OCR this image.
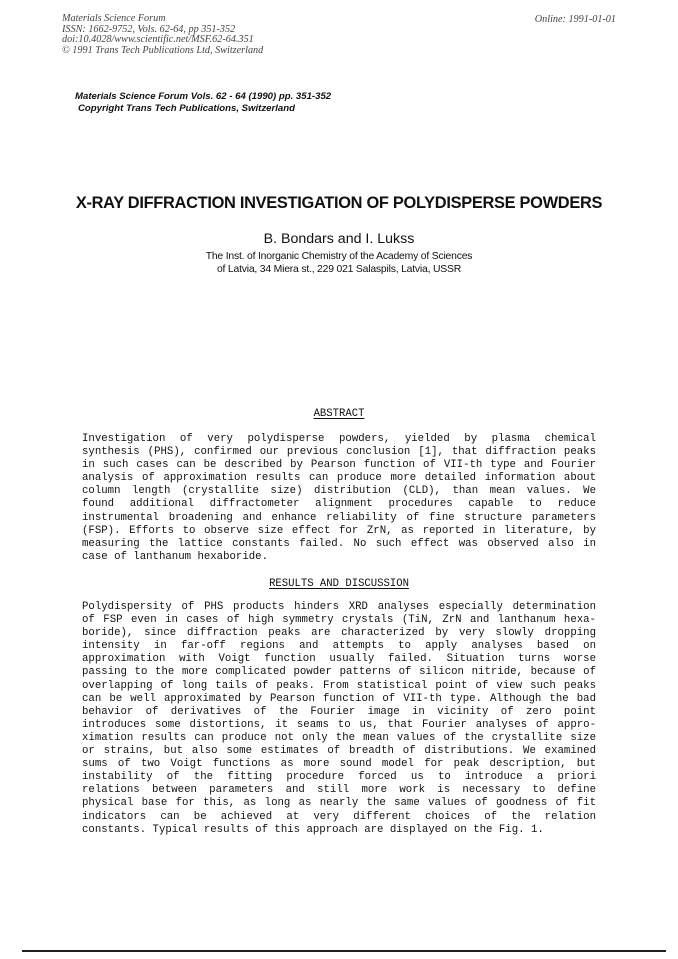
Materials Science Forum
ISSN: 1662-9752, Vols. 62-64, pp 351-352
doi:10.4028/www.scientific.net/MSF.62-64.351
© 1991 Trans Tech Publications Ltd, Switzerland
Online: 1991-01-01
Materials Science Forum Vols. 62 - 64 (1990) pp. 351-352
Copyright Trans Tech Publications, Switzerland
X-RAY DIFFRACTION INVESTIGATION OF POLYDISPERSE POWDERS
B. Bondars and I. Lukss
The Inst. of Inorganic Chemistry of the Academy of Sciences
of Latvia, 34 Miera st., 229 021 Salaspils, Latvia, USSR
ABSTRACT
Investigation of very polydisperse powders, yielded by plasma chemical
synthesis (PHS), confirmed our previous conclusion [1], that diffraction peaks
in such cases can be described by Pearson function of VII-th type and Fourier
analysis of approximation results can produce more detailed information about
column length (crystallite size) distribution (CLD), than mean values. We
found additional diffractometer alignment procedures capable to reduce
instrumental broadening and enhance reliability of fine structure parameters
(FSP). Efforts to observe size effect for ZrN, as reported in literature, by
measuring the lattice constants failed. No such effect was observed also in
case of lanthanum hexaboride.
RESULTS AND DISCUSSION
Polydispersity of PHS products hinders XRD analyses especially determination
of FSP even in cases of high symmetry crystals (TiN, ZrN and lanthanum hexa-
boride), since diffraction peaks are characterized by very slowly dropping
intensity in far-off regions and attempts to apply analyses based on
approximation with Voigt function usually failed. Situation turns worse
passing to the more complicated powder patterns of silicon nitride, because of
overlapping of long tails of peaks. From statistical point of view such peaks
can be well approximated by Pearson function of VII-th type. Although the bad
behavior of derivatives of the Fourier image in vicinity of zero point
introduces some distortions, it seams to us, that Fourier analyses of appro-
ximation results can produce not only the mean values of the crystallite size
or strains, but also some estimates of breadth of distributions. We examined
sums of two Voigt functions as more sound model for peak description, but
instability of the fitting procedure forced us to introduce a priori
relations between parameters and still more work is necessary to define
physical base for this, as long as nearly the same values of goodness of fit
indicators can be achieved at very different choices of the relation
constants. Typical results of this approach are displayed on the Fig. 1.
